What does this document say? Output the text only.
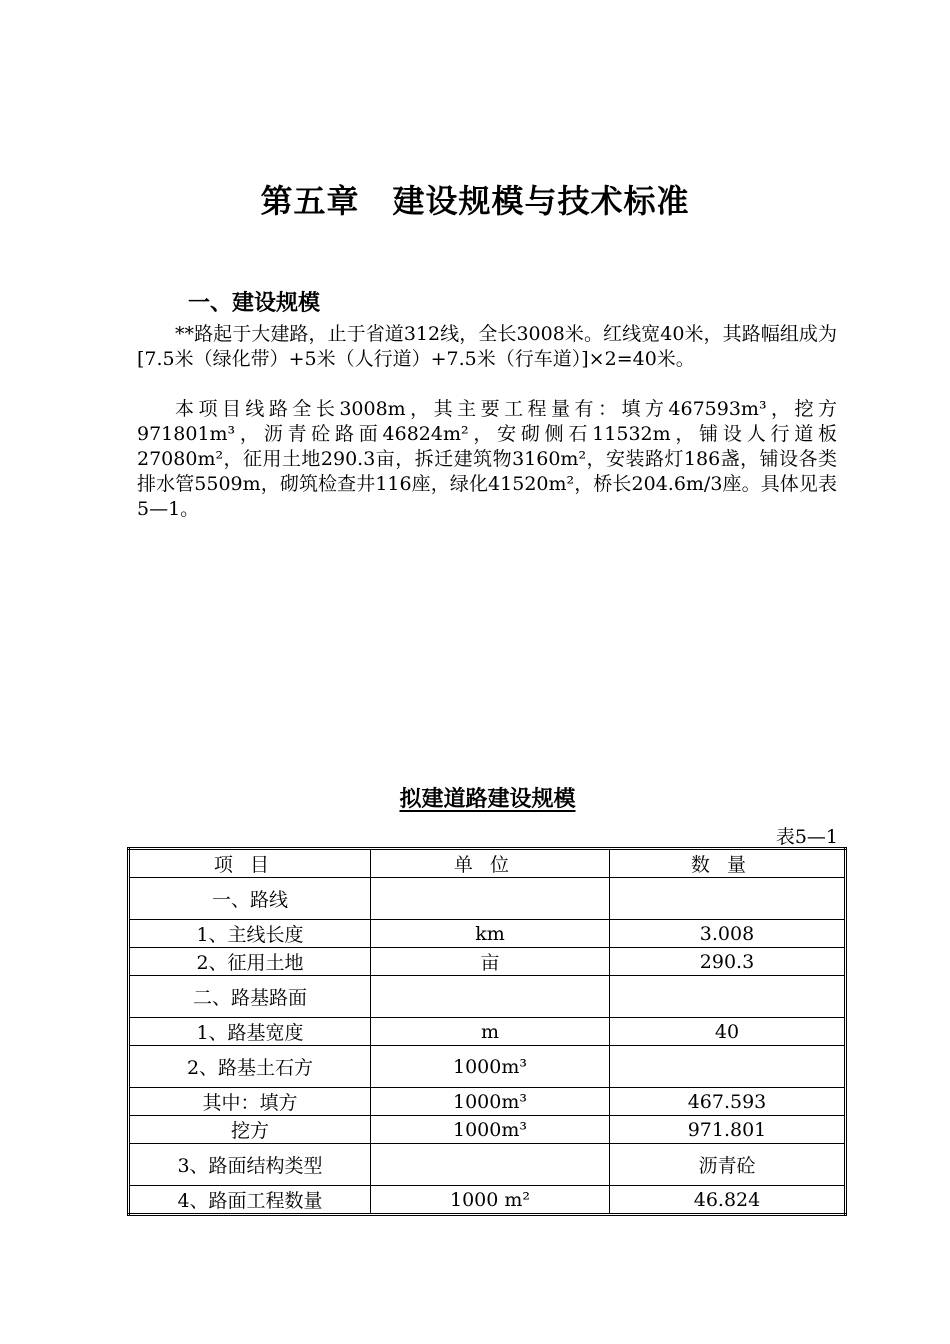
第五章　建设规模与技术标准
一、建设规模
**路起于大建路，止于省道312线，全长3008米。红线宽40米，其路幅组成为[7.5米（绿化带）+5米（人行道）+7.5米（行车道）]×2=40米。
本项目线路全长3008m，其主要工程量有：填方467593m³，挖方971801m³，沥青砼路面46824m²，安砌侧石11532m，铺设人行道板27080m²，征用土地290.3亩，拆迁建筑物3160m²，安装路灯186盏，铺设各类排水管5509m，砌筑检查井116座，绿化41520m²，桥长204.6m/3座。具体见表5—1。
拟建道路建设规模
表5—1
项目	单位	数量
一、路线		
1、主线长度	km	3.008
2、征用土地	亩	290.3
二、路基路面		
1、路基宽度	m	40
2、路基土石方	1000m³	
其中：填方	1000m³	467.593
挖方	1000m³	971.801
3、路面结构类型		沥青砼
4、路面工程数量	1000 m²	46.824
